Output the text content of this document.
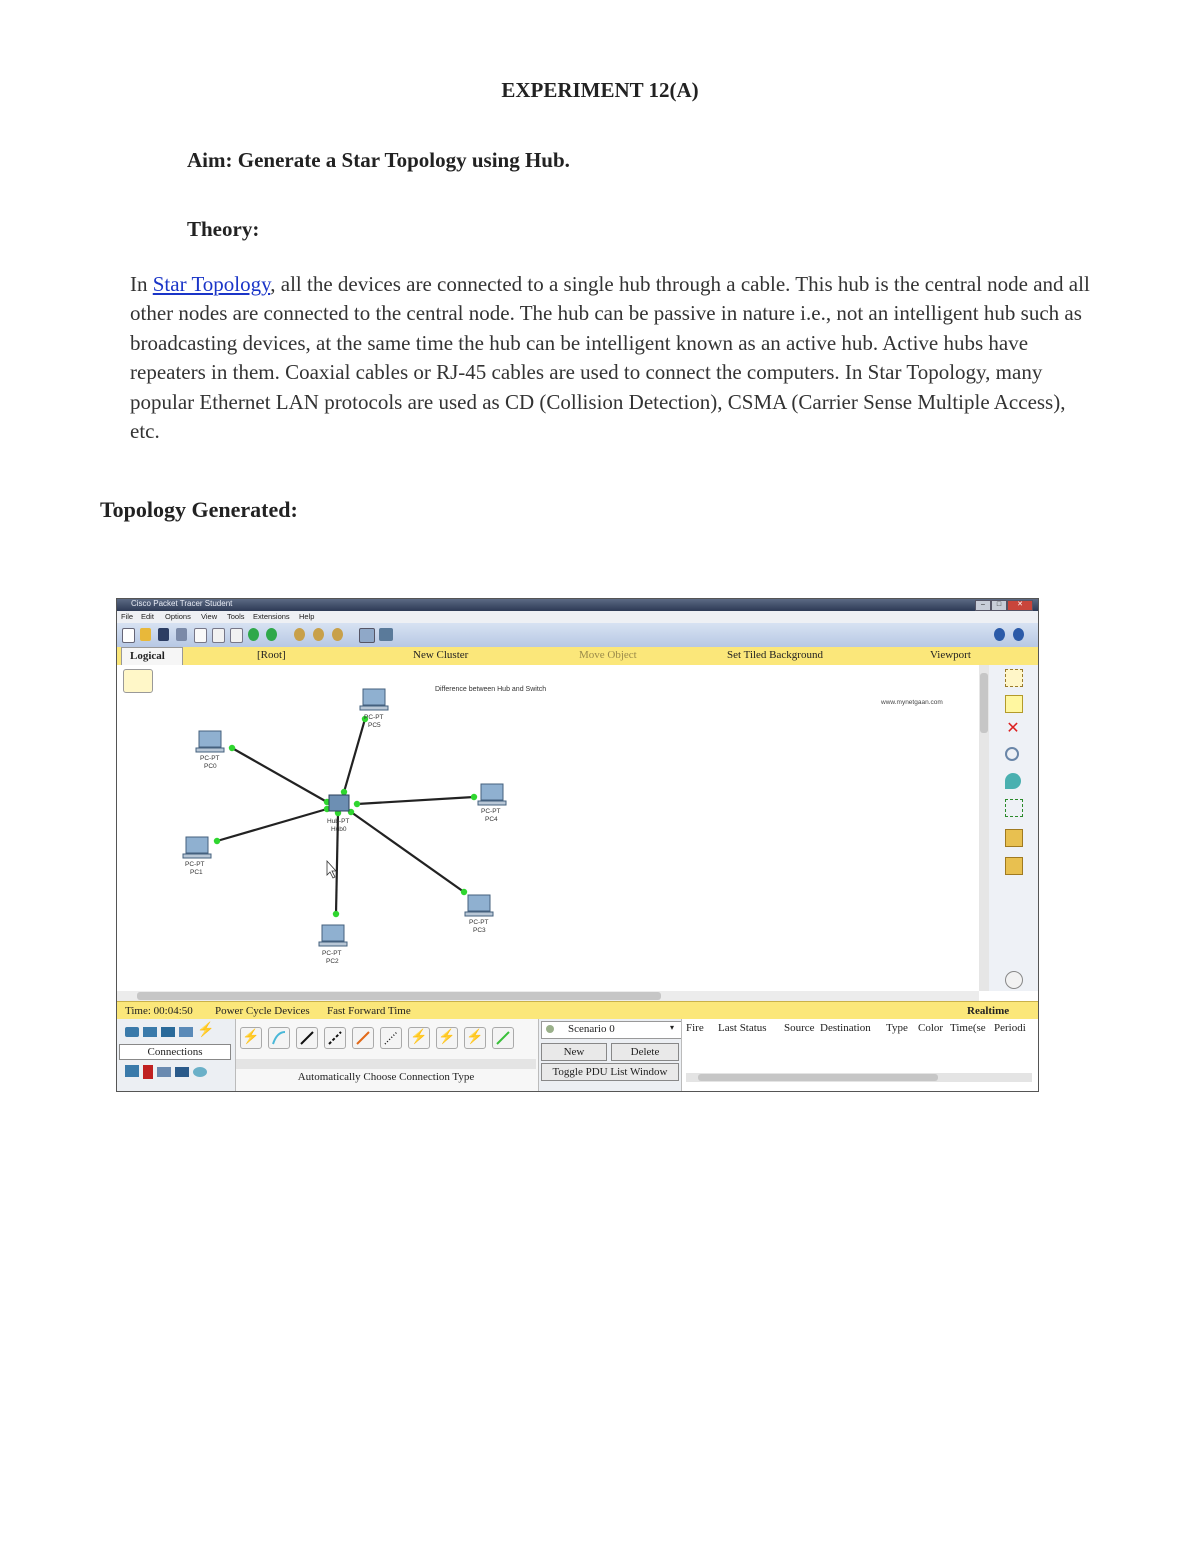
EXPERIMENT 12(A)
Aim: Generate a Star Topology using Hub.
Theory:
In Star Topology, all the devices are connected to a single hub through a cable. This hub is the central node and all other nodes are connected to the central node. The hub can be passive in nature i.e., not an intelligent hub such as broadcasting devices, at the same time the hub can be intelligent known as an active hub. Active hubs have repeaters in them. Coaxial cables or RJ-45 cables are used to connect the computers. In Star Topology, many popular Ethernet LAN protocols are used as CD (Collision Detection), CSMA (Carrier Sense Multiple Access), etc.
Topology Generated:
Cisco Packet Tracer Student	–	□	✕
File Edit Options View Tools Extensions Help
Logical	[Root]	New Cluster	Move Object	Set Tiled Background	Viewport
Difference between Hub and Switch
www.mynetgaan.com
Hub-PT
Hub0
PC-PT
PC0
PC-PT
PC1
PC-PT
PC2
PC-PT
PC3
PC-PT
PC4
PC-PT
PC5	✕
Time: 00:04:50 Power Cycle Devices Fast Forward Time	Realtime
⚡
Connections
⚡	⚡ ⚡ ⚡
Automatically Choose Connection Type
Scenario 0	▾
New	Delete
Toggle PDU List Window
Fire Last Status Source Destination Type Color Time(se Periodi
